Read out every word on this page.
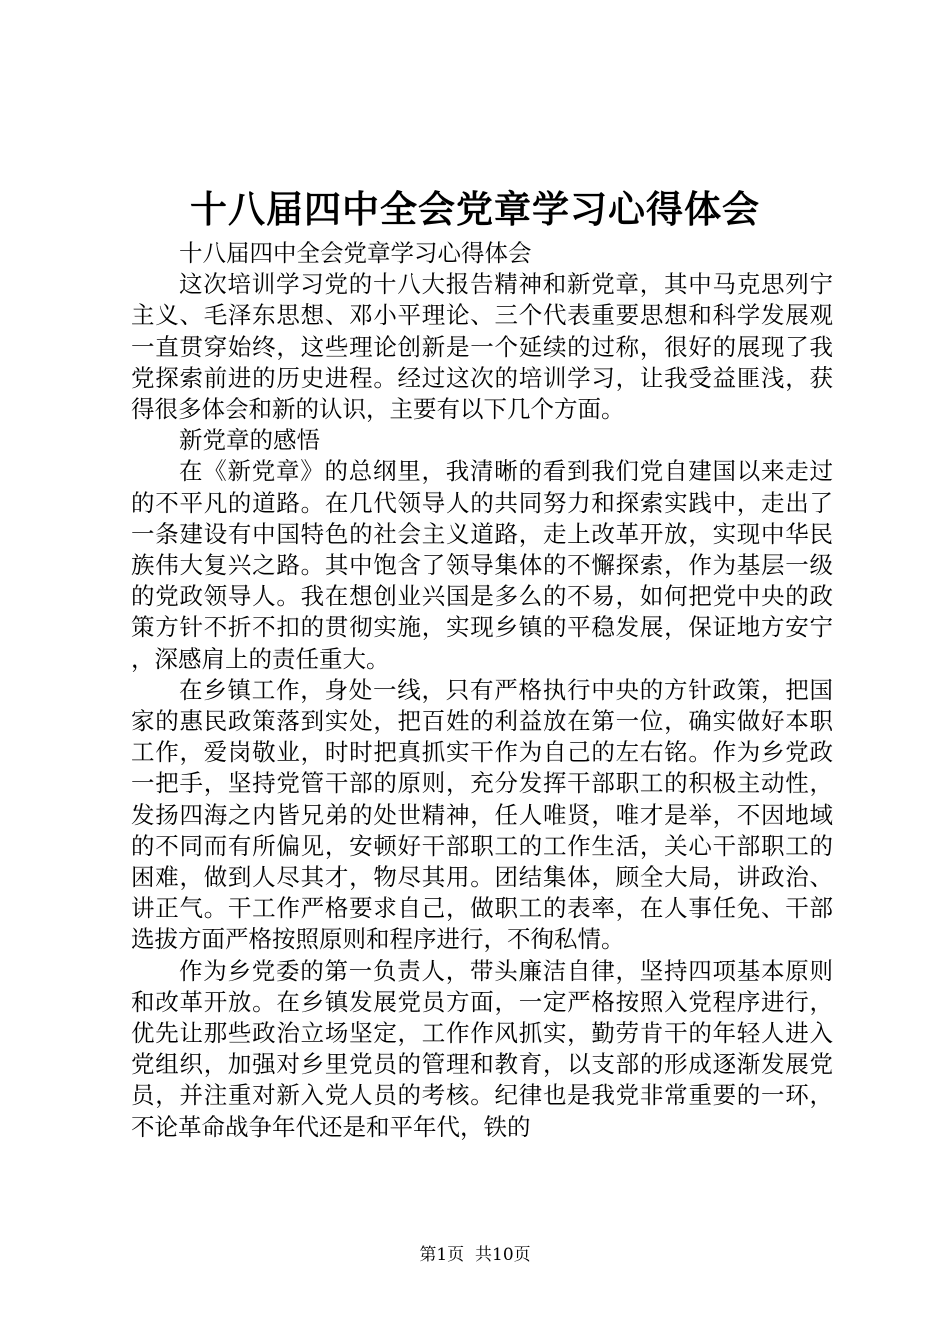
十八届四中全会党章学习心得体会

十八届四中全会党章学习心得体会

这次培训学习党的十八大报告精神和新党章，其中马克思列宁主义、毛泽东思想、邓小平理论、三个代表重要思想和科学发展观一直贯穿始终，这些理论创新是一个延续的过称，很好的展现了我党探索前进的历史进程。经过这次的培训学习，让我受益匪浅，获得很多体会和新的认识，主要有以下几个方面。

新党章的感悟

在《新党章》的总纲里，我清晰的看到我们党自建国以来走过的不平凡的道路。在几代领导人的共同努力和探索实践中，走出了一条建设有中国特色的社会主义道路，走上改革开放，实现中华民族伟大复兴之路。其中饱含了领导集体的不懈探索，作为基层一级的党政领导人。我在想创业兴国是多么的不易，如何把党中央的政策方针不折不扣的贯彻实施，实现乡镇的平稳发展，保证地方安宁，深感肩上的责任重大。

在乡镇工作，身处一线，只有严格执行中央的方针政策，把国家的惠民政策落到实处，把百姓的利益放在第一位，确实做好本职工作，爱岗敬业，时时把真抓实干作为自己的左右铭。作为乡党政一把手，坚持党管干部的原则，充分发挥干部职工的积极主动性，发扬四海之内皆兄弟的处世精神，任人唯贤，唯才是举，不因地域的不同而有所偏见，安顿好干部职工的工作生活，关心干部职工的困难，做到人尽其才，物尽其用。团结集体，顾全大局，讲政治、讲正气。干工作严格要求自己，做职工的表率，在人事任免、干部选拔方面严格按照原则和程序进行，不徇私情。

作为乡党委的第一负责人，带头廉洁自律，坚持四项基本原则和改革开放。在乡镇发展党员方面，一定严格按照入党程序进行，优先让那些政治立场坚定，工作作风抓实，勤劳肯干的年轻人进入党组织，加强对乡里党员的管理和教育，以支部的形成逐渐发展党员，并注重对新入党人员的考核。纪律也是我党非常重要的一环，不论革命战争年代还是和平年代，铁的

第1页 共10页
